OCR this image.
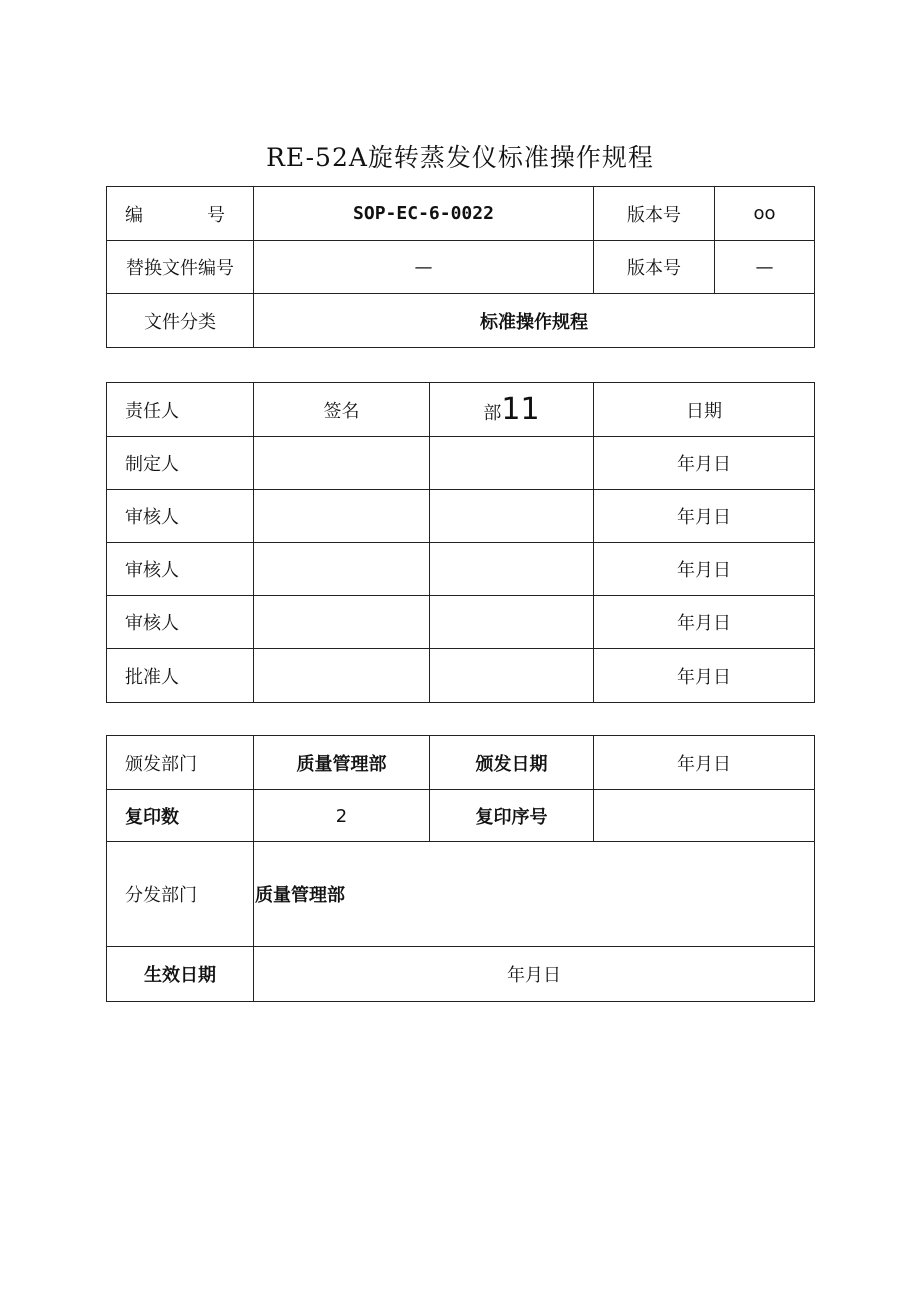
RE-52A旋转蒸发仪标准操作规程
编 号	SOP-EC-6-0022	版本号	oo
替换文件编号	—	版本号	—
文件分类	标准操作规程		
责任人	签名	部11	日期
制定人			年月日
审核人			年月日
审核人			年月日
审核人			年月日
批准人			年月日
颁发部门	质量管理部	颁发日期	年月日
复印数	2	复印序号	
分发部门	质量管理部		
生效日期	年月日		
